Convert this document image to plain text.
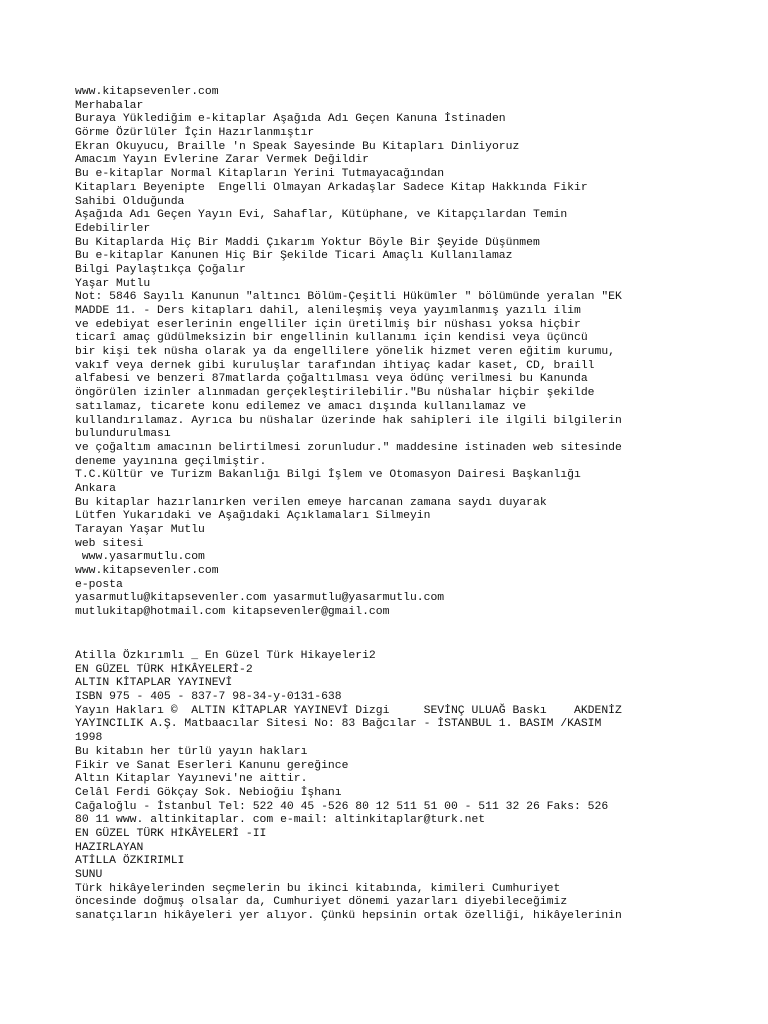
www.kitapsevenler.com
Merhabalar
Buraya Yüklediğim e-kitaplar Aşağıda Adı Geçen Kanuna İstinaden
Görme Özürlüler İçin Hazırlanmıştır
Ekran Okuyucu, Braille 'n Speak Sayesinde Bu Kitapları Dinliyoruz
Amacım Yayın Evlerine Zarar Vermek Değildir
Bu e-kitaplar Normal Kitapların Yerini Tutmayacağından
Kitapları Beyenipte  Engelli Olmayan Arkadaşlar Sadece Kitap Hakkında Fikir
Sahibi Olduğunda
Aşağıda Adı Geçen Yayın Evi, Sahaflar, Kütüphane, ve Kitapçılardan Temin
Edebilirler
Bu Kitaplarda Hiç Bir Maddi Çıkarım Yoktur Böyle Bir Şeyide Düşünmem
Bu e-kitaplar Kanunen Hiç Bir Şekilde Ticari Amaçlı Kullanılamaz
Bilgi Paylaştıkça Çoğalır
Yaşar Mutlu
Not: 5846 Sayılı Kanunun "altıncı Bölüm-Çeşitli Hükümler " bölümünde yeralan "EK
MADDE 11. - Ders kitapları dahil, alenileşmiş veya yayımlanmış yazılı ilim
ve edebiyat eserlerinin engelliler için üretilmiş bir nüshası yoksa hiçbir
ticarî amaç güdülmeksizin bir engellinin kullanımı için kendisi veya üçüncü
bir kişi tek nüsha olarak ya da engellilere yönelik hizmet veren eğitim kurumu,
vakıf veya dernek gibi kuruluşlar tarafından ihtiyaç kadar kaset, CD, braill
alfabesi ve benzeri 87matlarda çoğaltılması veya ödünç verilmesi bu Kanunda
öngörülen izinler alınmadan gerçekleştirilebilir."Bu nüshalar hiçbir şekilde
satılamaz, ticarete konu edilemez ve amacı dışında kullanılamaz ve
kullandırılamaz. Ayrıca bu nüshalar üzerinde hak sahipleri ile ilgili bilgilerin
bulundurulması
ve çoğaltım amacının belirtilmesi zorunludur." maddesine istinaden web sitesinde
deneme yayınına geçilmiştir.
T.C.Kültür ve Turizm Bakanlığı Bilgi İşlem ve Otomasyon Dairesi Başkanlığı
Ankara
Bu kitaplar hazırlanırken verilen emeye harcanan zamana saydı duyarak
Lütfen Yukarıdaki ve Aşağıdaki Açıklamaları Silmeyin
Tarayan Yaşar Mutlu
web sitesi
www.yasarmutlu.com
www.kitapsevenler.com
e-posta
yasarmutlu@kitapsevenler.com yasarmutlu@yasarmutlu.com
mutlukitap@hotmail.com kitapsevenler@gmail.com
Atilla Özkırımlı _ En Güzel Türk Hikayeleri2
EN GÜZEL TÜRK HİKÂYELERİ-2
ALTIN KİTAPLAR YAYINEVİ
ISBN 975 - 405 - 837-7 98-34-y-0131-638
Yayın Hakları ©  ALTIN KİTAPLAR YAYINEVİ Dizgi     SEVİNÇ ULUAĞ Baskı    AKDENİZ
YAYINCILIK A.Ş. Matbaacılar Sitesi No: 83 Bağcılar - İSTANBUL 1. BASIM /KASIM
1998
Bu kitabın her türlü yayın hakları
Fikir ve Sanat Eserleri Kanunu gereğince
Altın Kitaplar Yayınevi'ne aittir.
Celâl Ferdi Gökçay Sok. Nebioğiu İşhanı
Cağaloğlu - İstanbul Tel: 522 40 45 -526 80 12 511 51 00 - 511 32 26 Faks: 526
80 11 www. altinkitaplar. com e-mail: altinkitaplar@turk.net
EN GÜZEL TÜRK HİKÂYELERİ -II
HAZIRLAYAN
ATİLLA ÖZKIRIMLI
SUNU
Türk hikâyelerinden seçmelerin bu ikinci kitabında, kimileri Cumhuriyet
öncesinde doğmuş olsalar da, Cumhuriyet dönemi yazarları diyebileceğimiz
sanatçıların hikâyeleri yer alıyor. Çünkü hepsinin ortak özelliği, hikâyelerinin
